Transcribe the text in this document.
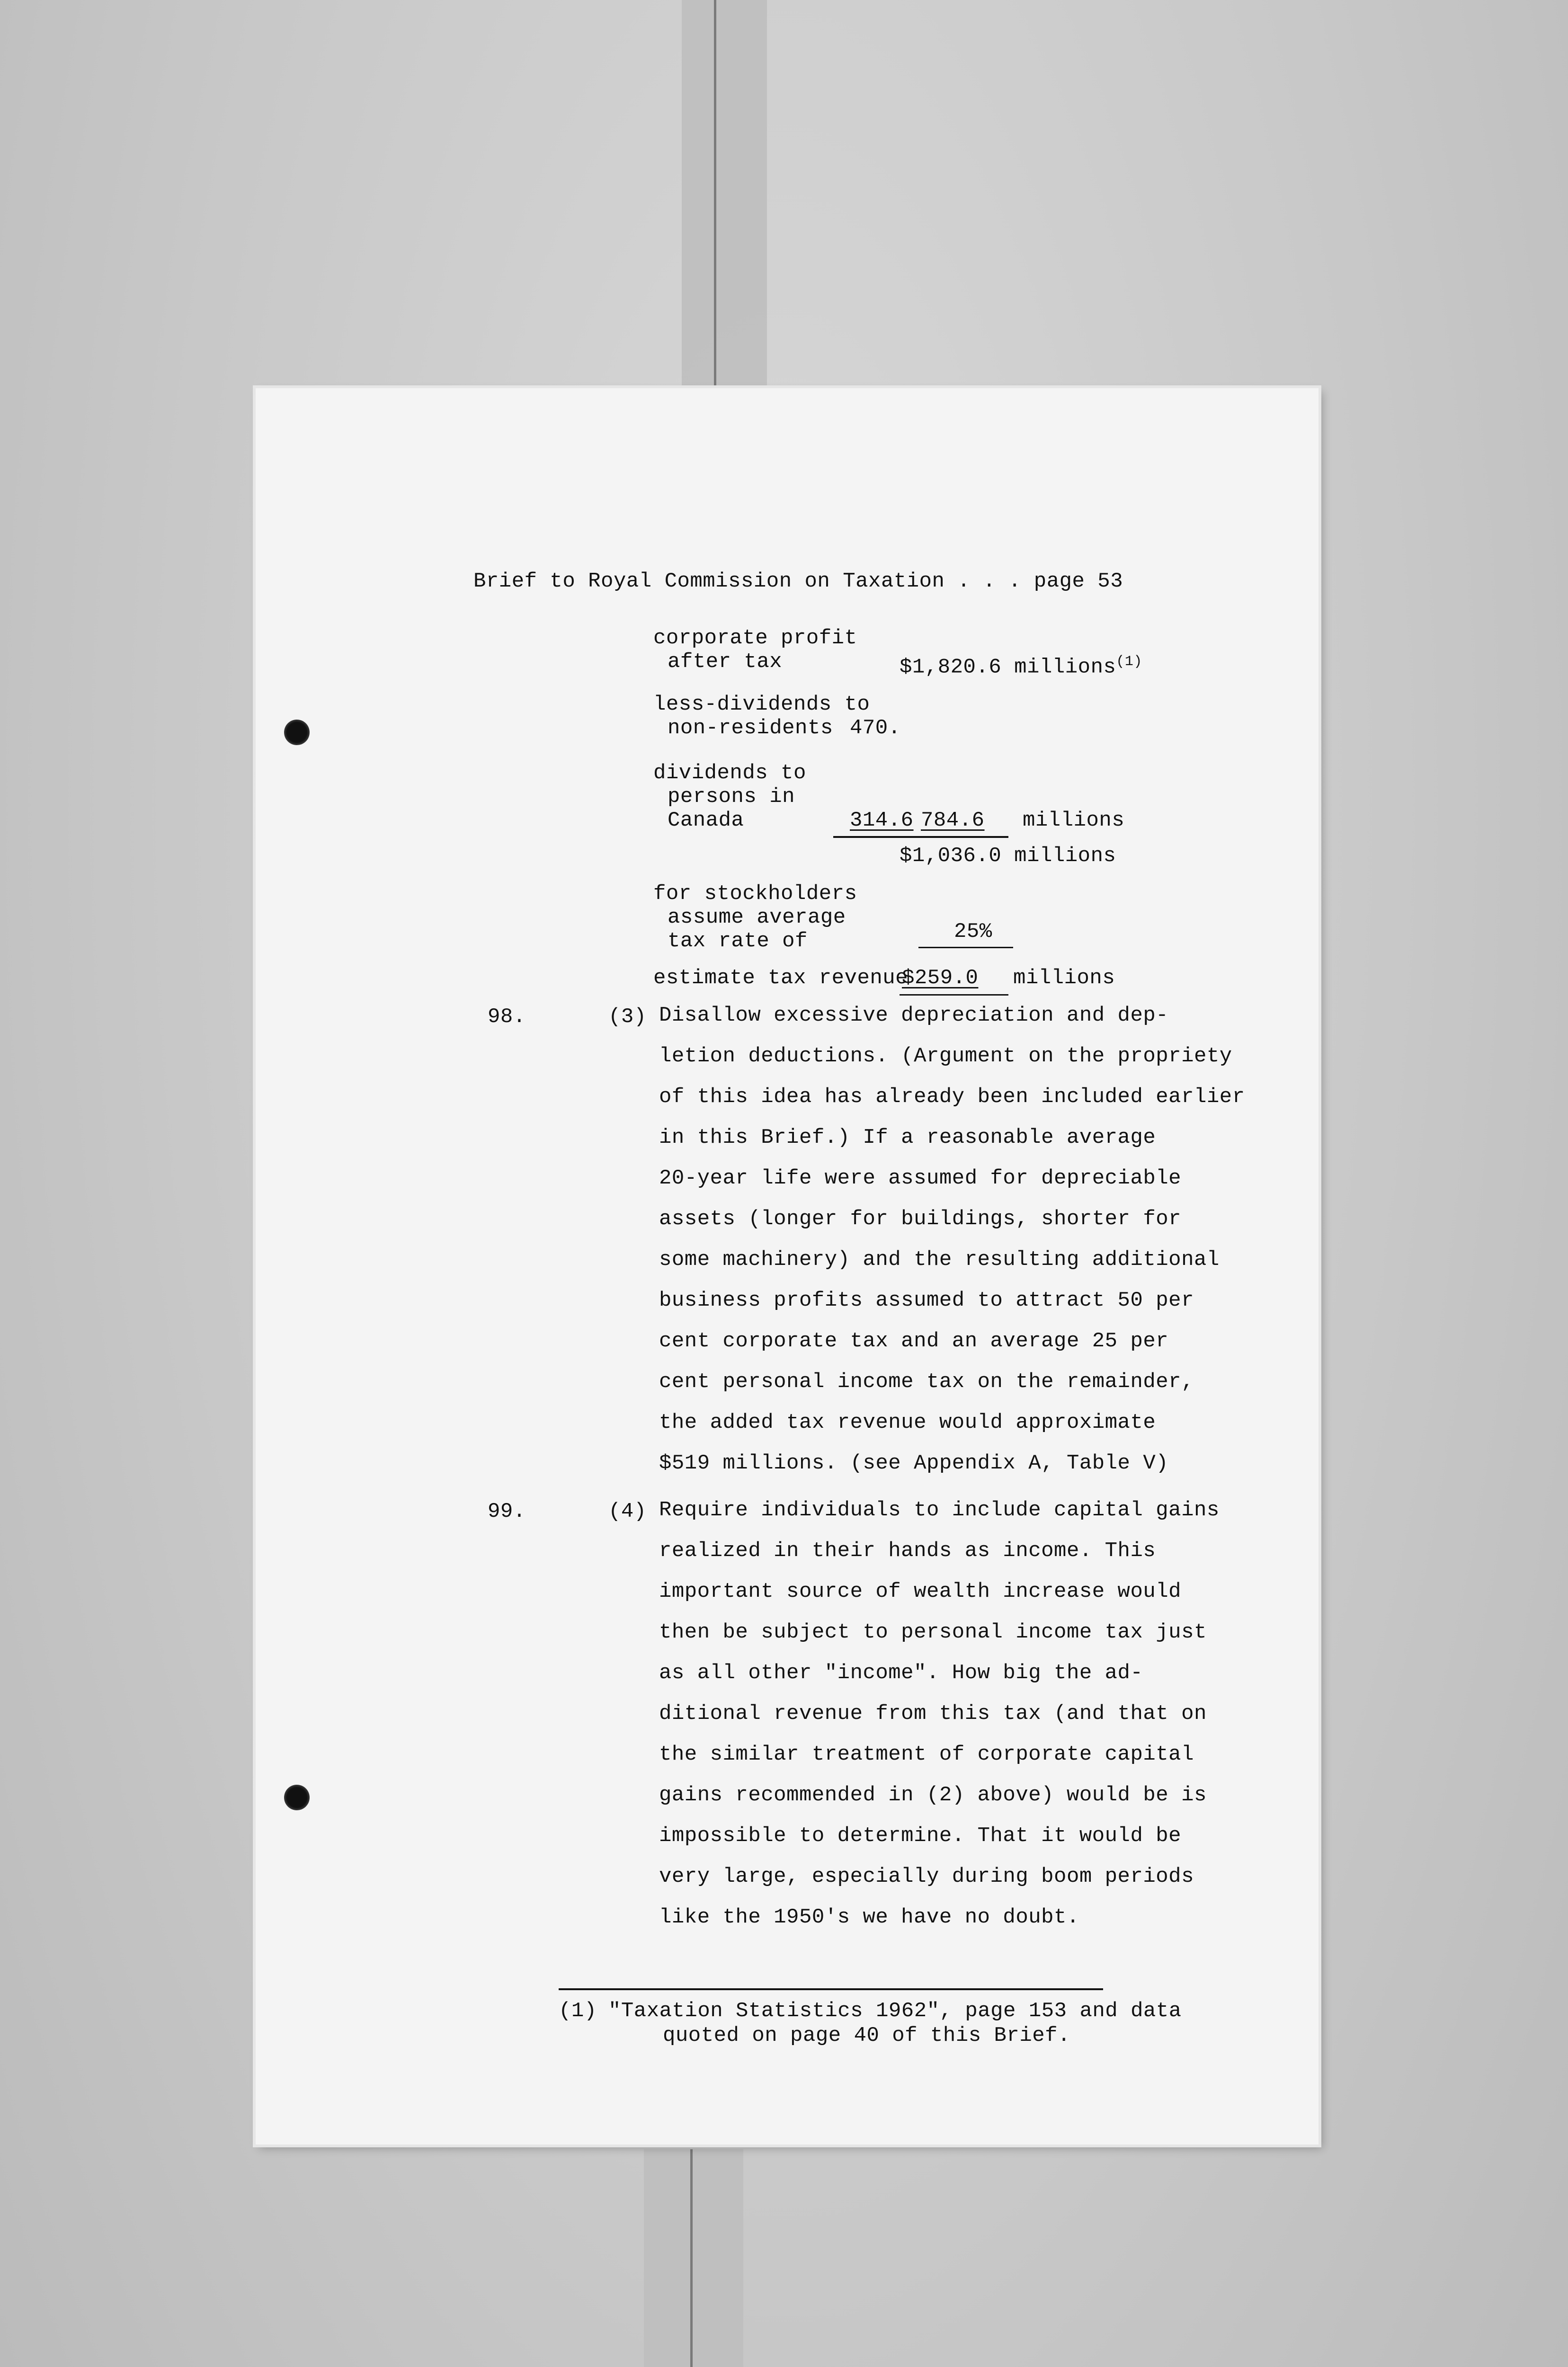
Brief to Royal Commission on Taxation . . . page 53
corporate profit
after tax	$1,820.6 millions$^{(1)}$
less-dividends to
non-residents 470.
dividends to
persons in
Canada	314.6 784.6 millions
$1,036.0 millions
for stockholders
assume average
tax rate of	25%
estimate tax revenue
$259.0 millions
98.	(3) Disallow excessive depreciation and dep-
letion deductions. (Argument on the propriety
of this idea has already been included earlier
in this Brief.) If a reasonable average
20-year life were assumed for depreciable
assets (longer for buildings, shorter for
some machinery) and the resulting additional
business profits assumed to attract 50 per
cent corporate tax and an average 25 per
cent personal income tax on the remainder,
the added tax revenue would approximate
$519 millions. (see Appendix A, Table V)
99.	(4) Require individuals to include capital gains
realized in their hands as income. This
important source of wealth increase would
then be subject to personal income tax just
as all other "income". How big the ad-
ditional revenue from this tax (and that on
the similar treatment of corporate capital
gains recommended in (2) above) would be is
impossible to determine. That it would be
very large, especially during boom periods
like the 1950's we have no doubt.
(1) "Taxation Statistics 1962", page 153 and data
quoted on page 40 of this Brief.
